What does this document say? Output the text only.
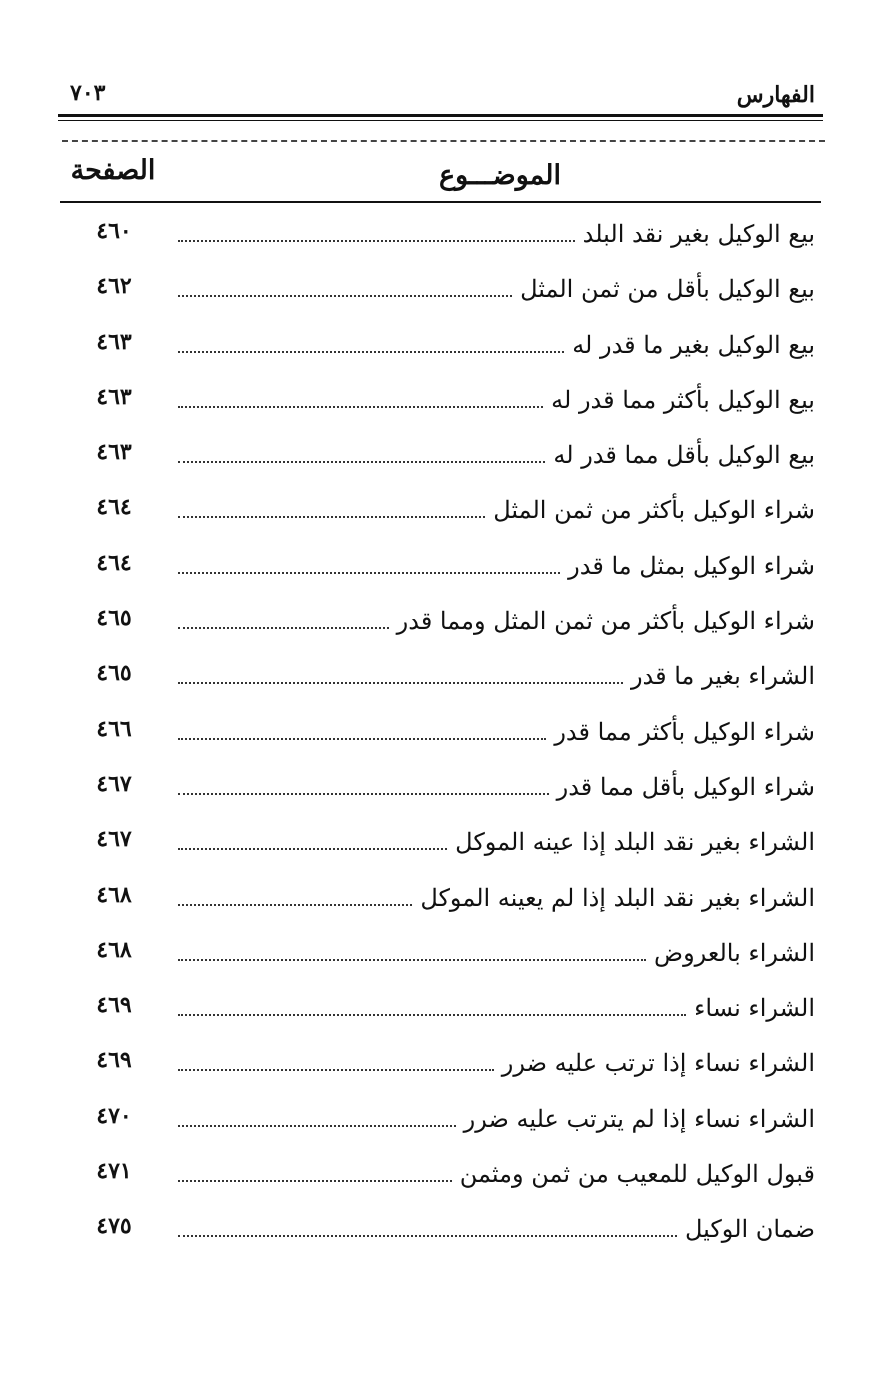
الفهارس
٧٠٣
الموضـــوع
الصفحة
بيع الوكيل بغير نقد البلد
٤٦٠
بيع الوكيل بأقل من ثمن المثل
٤٦٢
بيع الوكيل بغير ما قدر له
٤٦٣
بيع الوكيل بأكثر مما قدر له
٤٦٣
بيع الوكيل بأقل مما قدر له
٤٦٣
شراء الوكيل بأكثر من ثمن المثل
٤٦٤
شراء الوكيل بمثل ما قدر
٤٦٤
شراء الوكيل بأكثر من ثمن المثل ومما قدر
٤٦٥
الشراء بغير ما قدر
٤٦٥
شراء الوكيل بأكثر مما قدر
٤٦٦
شراء الوكيل بأقل مما قدر
٤٦٧
الشراء بغير نقد البلد إذا عينه الموكل
٤٦٧
الشراء بغير نقد البلد إذا لم يعينه الموكل
٤٦٨
الشراء بالعروض
٤٦٨
الشراء نساء
٤٦٩
الشراء نساء إذا ترتب عليه ضرر
٤٦٩
الشراء نساء إذا لم يترتب عليه ضرر
٤٧٠
قبول الوكيل للمعيب من ثمن ومثمن
٤٧١
ضمان الوكيل
٤٧٥
